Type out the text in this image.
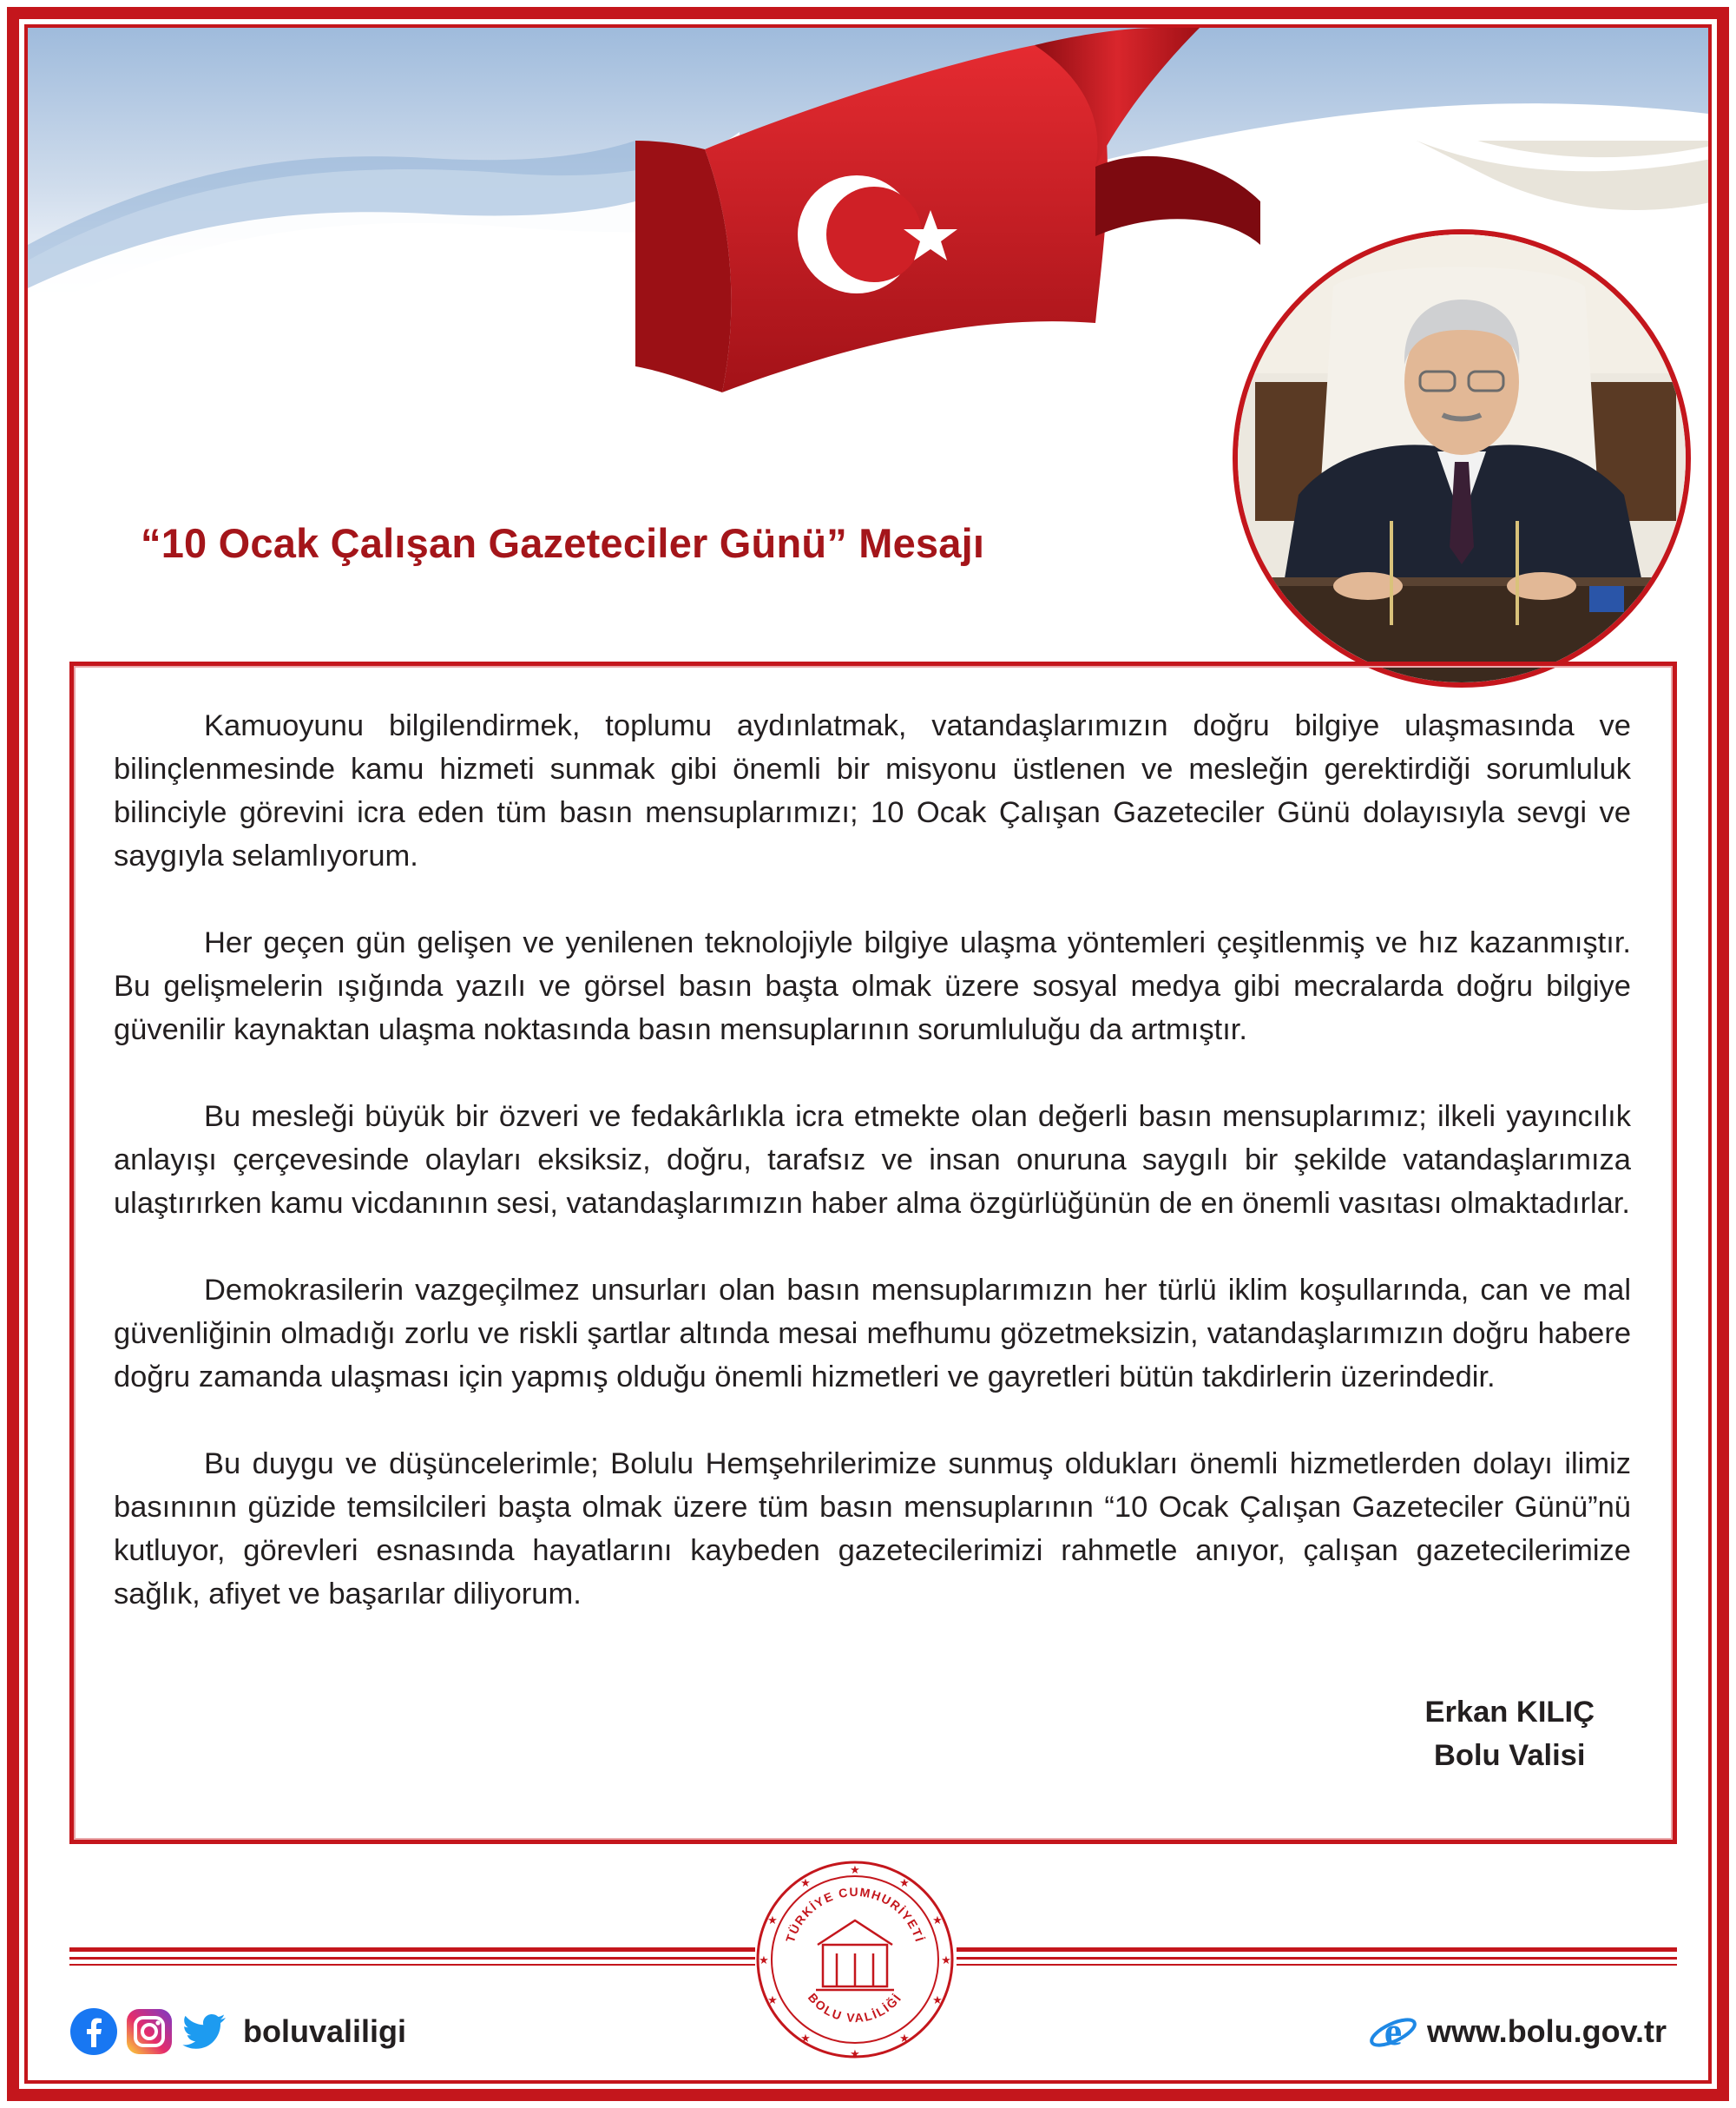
“10 Ocak Çalışan Gazeteciler Günü” Mesajı

Kamuoyunu bilgilendirmek, toplumu aydınlatmak, vatandaşlarımızın doğru bilgiye ulaşmasında ve bilinçlenmesinde kamu hizmeti sunmak gibi önemli bir misyonu üstlenen ve mesleğin gerektirdiği sorumluluk bilinciyle görevini icra eden tüm basın mensuplarımızı; 10 Ocak Çalışan Gazeteciler Günü dolayısıyla sevgi ve saygıyla selamlıyorum.

Her geçen gün gelişen ve yenilenen teknolojiyle bilgiye ulaşma yöntemleri çeşitlenmiş ve hız kazanmıştır. Bu gelişmelerin ışığında yazılı ve görsel basın başta olmak üzere sosyal medya gibi mecralarda doğru bilgiye güvenilir kaynaktan ulaşma noktasında basın mensuplarının sorumluluğu da artmıştır.

Bu mesleği büyük bir özveri ve fedakârlıkla icra etmekte olan değerli basın mensuplarımız; ilkeli yayıncılık anlayışı çerçevesinde olayları eksiksiz, doğru, tarafsız ve insan onuruna saygılı bir şekilde vatandaşlarımıza ulaştırırken kamu vicdanının sesi, vatandaşlarımızın haber alma özgürlüğünün de en önemli vasıtası olmaktadırlar.

Demokrasilerin vazgeçilmez unsurları olan basın mensuplarımızın her türlü iklim koşullarında, can ve mal güvenliğinin olmadığı zorlu ve riskli şartlar altında mesai mefhumu gözetmeksizin, vatandaşlarımızın doğru habere doğru zamanda ulaşması için yapmış olduğu önemli hizmetleri ve gayretleri bütün takdirlerin üzerindedir.

Bu duygu ve düşüncelerimle; Bolulu Hemşehrilerimize sunmuş oldukları önemli hizmetlerden dolayı ilimiz basınının güzide temsilcileri başta olmak üzere tüm basın mensuplarının “10 Ocak Çalışan Gazeteciler Günü”nü kutluyor, görevleri esnasında hayatlarını kaybeden gazetecilerimizi rahmetle anıyor, çalışan gazetecilerimize sağlık, afiyet ve başarılar diliyorum.

Erkan KILIÇ
Bolu Valisi
★
★	★
★	★
★	★
★	★
★	★
★
TÜRKİYE CUMHURİYETİ
BOLU VALİLİĞİ
boluvaliligi	e www.bolu.gov.tr
